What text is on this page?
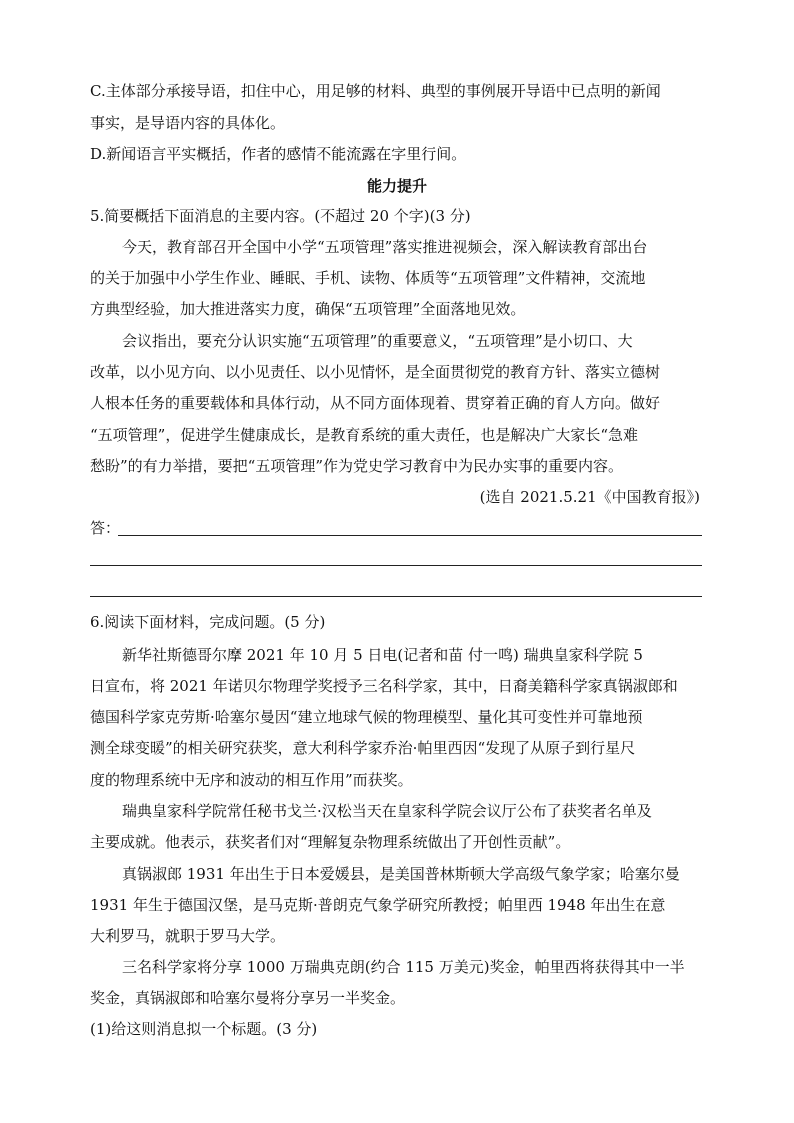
C.主体部分承接导语，扣住中心，用足够的材料、典型的事例展开导语中已点明的新闻
事实，是导语内容的具体化。
D.新闻语言平实概括，作者的感情不能流露在字里行间。
能力提升
5.简要概括下面消息的主要内容。(不超过 20 个字)(3 分)
今天，教育部召开全国中小学“五项管理”落实推进视频会，深入解读教育部出台
的关于加强中小学生作业、睡眠、手机、读物、体质等“五项管理”文件精神，交流地
方典型经验，加大推进落实力度，确保“五项管理”全面落地见效。
会议指出，要充分认识实施“五项管理”的重要意义，“五项管理”是小切口、大
改革，以小见方向、以小见责任、以小见情怀，是全面贯彻党的教育方针、落实立德树
人根本任务的重要载体和具体行动，从不同方面体现着、贯穿着正确的育人方向。做好
“五项管理”，促进学生健康成长，是教育系统的重大责任，也是解决广大家长“急难
愁盼”的有力举措，要把“五项管理”作为党史学习教育中为民办实事的重要内容。
(选自 2021.5.21《中国教育报》)
答：
6.阅读下面材料，完成问题。(5 分)
新华社斯德哥尔摩 2021 年 10 月 5 日电(记者和苗 付一鸣) 瑞典皇家科学院 5
日宣布，将 2021 年诺贝尔物理学奖授予三名科学家，其中，日裔美籍科学家真锅淑郎和
德国科学家克劳斯·哈塞尔曼因“建立地球气候的物理模型、量化其可变性并可靠地预
测全球变暖”的相关研究获奖，意大利科学家乔治·帕里西因“发现了从原子到行星尺
度的物理系统中无序和波动的相互作用”而获奖。
瑞典皇家科学院常任秘书戈兰·汉松当天在皇家科学院会议厅公布了获奖者名单及
主要成就。他表示，获奖者们对“理解复杂物理系统做出了开创性贡献”。
真锅淑郎 1931 年出生于日本爱媛县，是美国普林斯顿大学高级气象学家；哈塞尔曼
1931 年生于德国汉堡，是马克斯·普朗克气象学研究所教授；帕里西 1948 年出生在意
大利罗马，就职于罗马大学。
三名科学家将分享 1000 万瑞典克朗(约合 115 万美元)奖金，帕里西将获得其中一半
奖金，真锅淑郎和哈塞尔曼将分享另一半奖金。
(1)给这则消息拟一个标题。(3 分)
